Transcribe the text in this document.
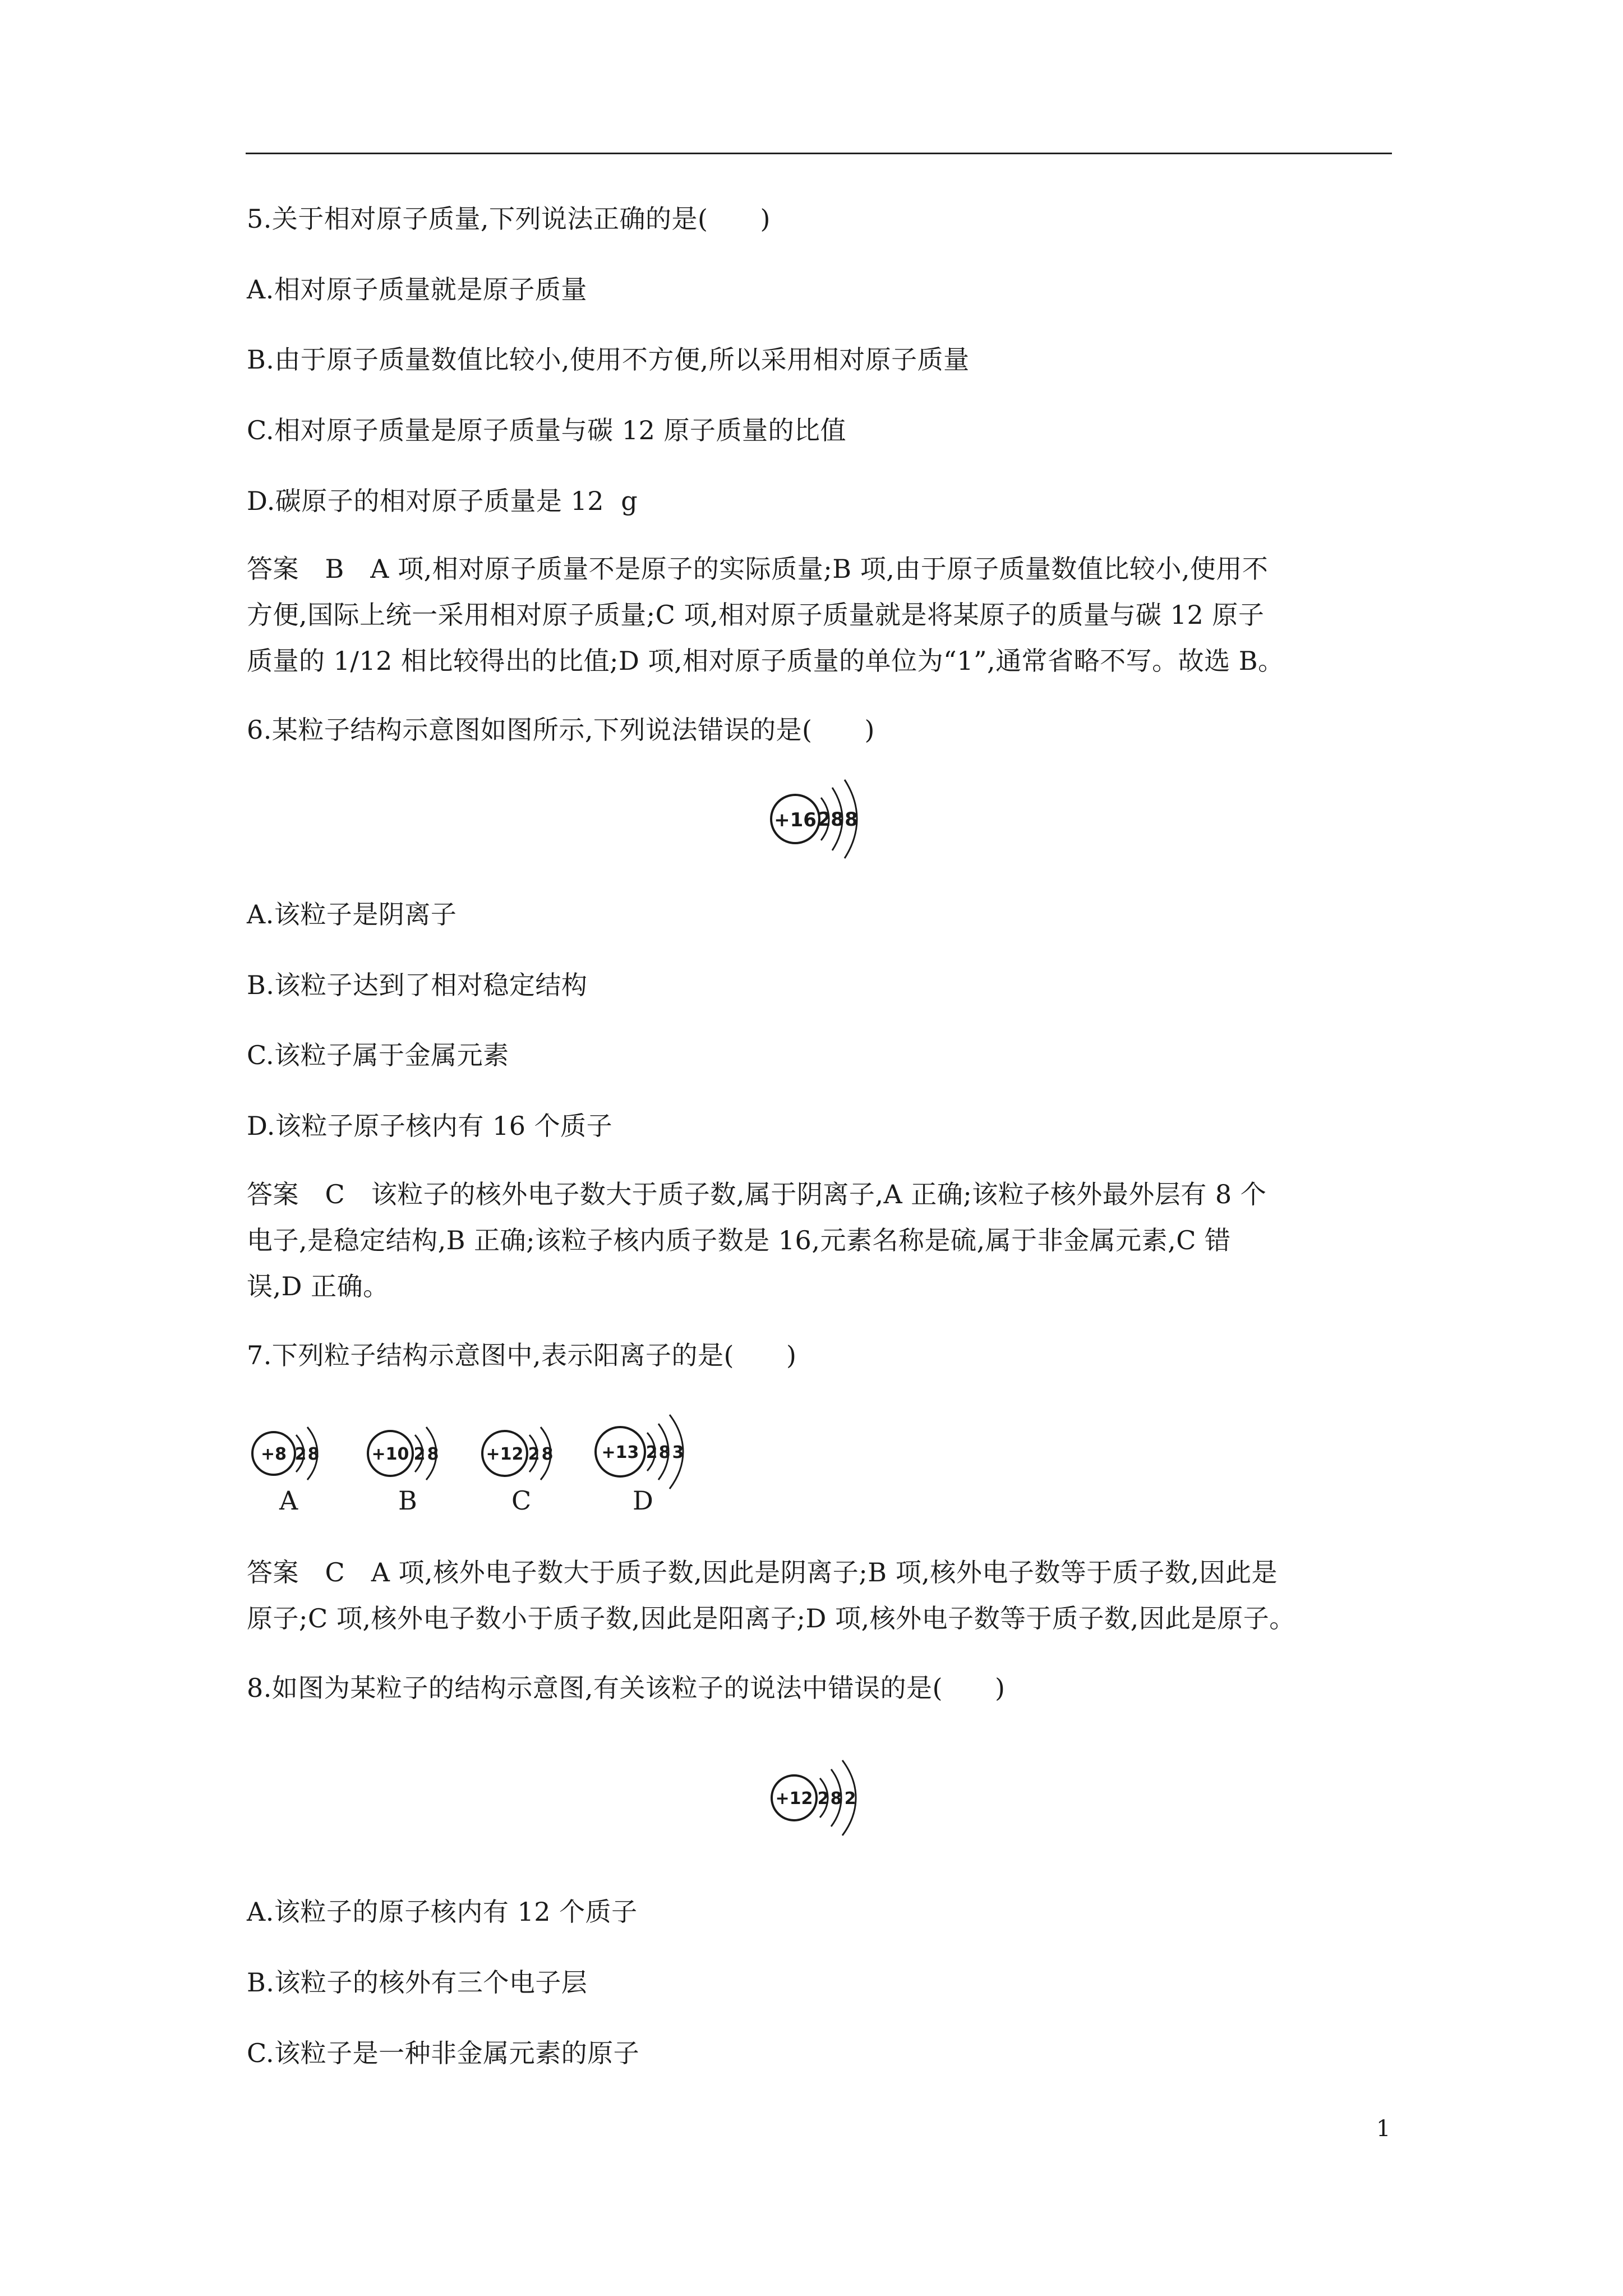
5.关于相对原子质量,下列说法正确的是(　　)
A.相对原子质量就是原子质量
B.由于原子质量数值比较小,使用不方便,所以采用相对原子质量
C.相对原子质量是原子质量与碳 12 原子质量的比值
D.碳原子的相对原子质量是 12  g
答案　B　A 项,相对原子质量不是原子的实际质量;B 项,由于原子质量数值比较小,使用不
方便,国际上统一采用相对原子质量;C 项,相对原子质量就是将某原子的质量与碳 12 原子
质量的 1/12 相比较得出的比值;D 项,相对原子质量的单位为“1”,通常省略不写。故选 B。
6.某粒子结构示意图如图所示,下列说法错误的是(　　)
+16 2 8 8
A.该粒子是阴离子
B.该粒子达到了相对稳定结构
C.该粒子属于金属元素
D.该粒子原子核内有 16 个质子
答案　C　该粒子的核外电子数大于质子数,属于阴离子,A 正确;该粒子核外最外层有 8 个
电子,是稳定结构,B 正确;该粒子核内质子数是 16,元素名称是硫,属于非金属元素,C 错
误,D 正确。
7.下列粒子结构示意图中,表示阳离子的是(　　)
+8 2 8
A
+10 2 8
B
+12 2 8
C
+13 2 8 3
D
答案　C　A 项,核外电子数大于质子数,因此是阴离子;B 项,核外电子数等于质子数,因此是
原子;C 项,核外电子数小于质子数,因此是阳离子;D 项,核外电子数等于质子数,因此是原子。
8.如图为某粒子的结构示意图,有关该粒子的说法中错误的是(　　)
+12 2 8 2
A.该粒子的原子核内有 12 个质子
B.该粒子的核外有三个电子层
C.该粒子是一种非金属元素的原子
1
